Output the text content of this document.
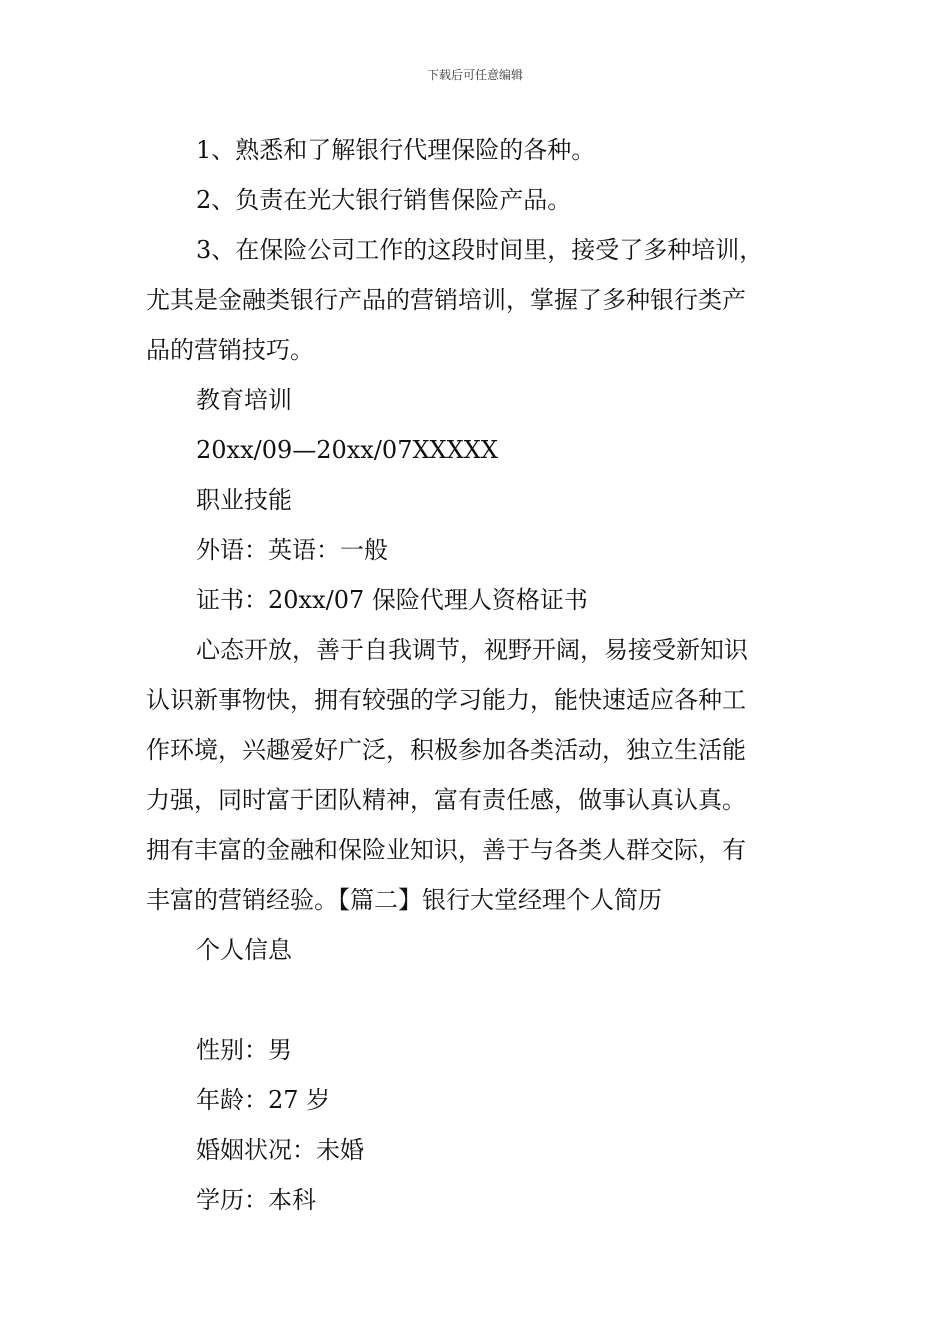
下载后可任意编辑
1、熟悉和了解银行代理保险的各种。
2、负责在光大银行销售保险产品。
3、在保险公司工作的这段时间里，接受了多种培训，
尤其是金融类银行产品的营销培训，掌握了多种银行类产
品的营销技巧。
教育培训
20xx/09—20xx/07XXXXX
职业技能
外语：英语：一般
证书：20xx/07 保险代理人资格证书
心态开放，善于自我调节，视野开阔，易接受新知识
认识新事物快，拥有较强的学习能力，能快速适应各种工
作环境，兴趣爱好广泛，积极参加各类活动，独立生活能
力强，同时富于团队精神，富有责任感，做事认真认真。
拥有丰富的金融和保险业知识，善于与各类人群交际，有
丰富的营销经验。【篇二】银行大堂经理个人简历
个人信息
性别：男
年龄：27 岁
婚姻状况：未婚
学历：本科
